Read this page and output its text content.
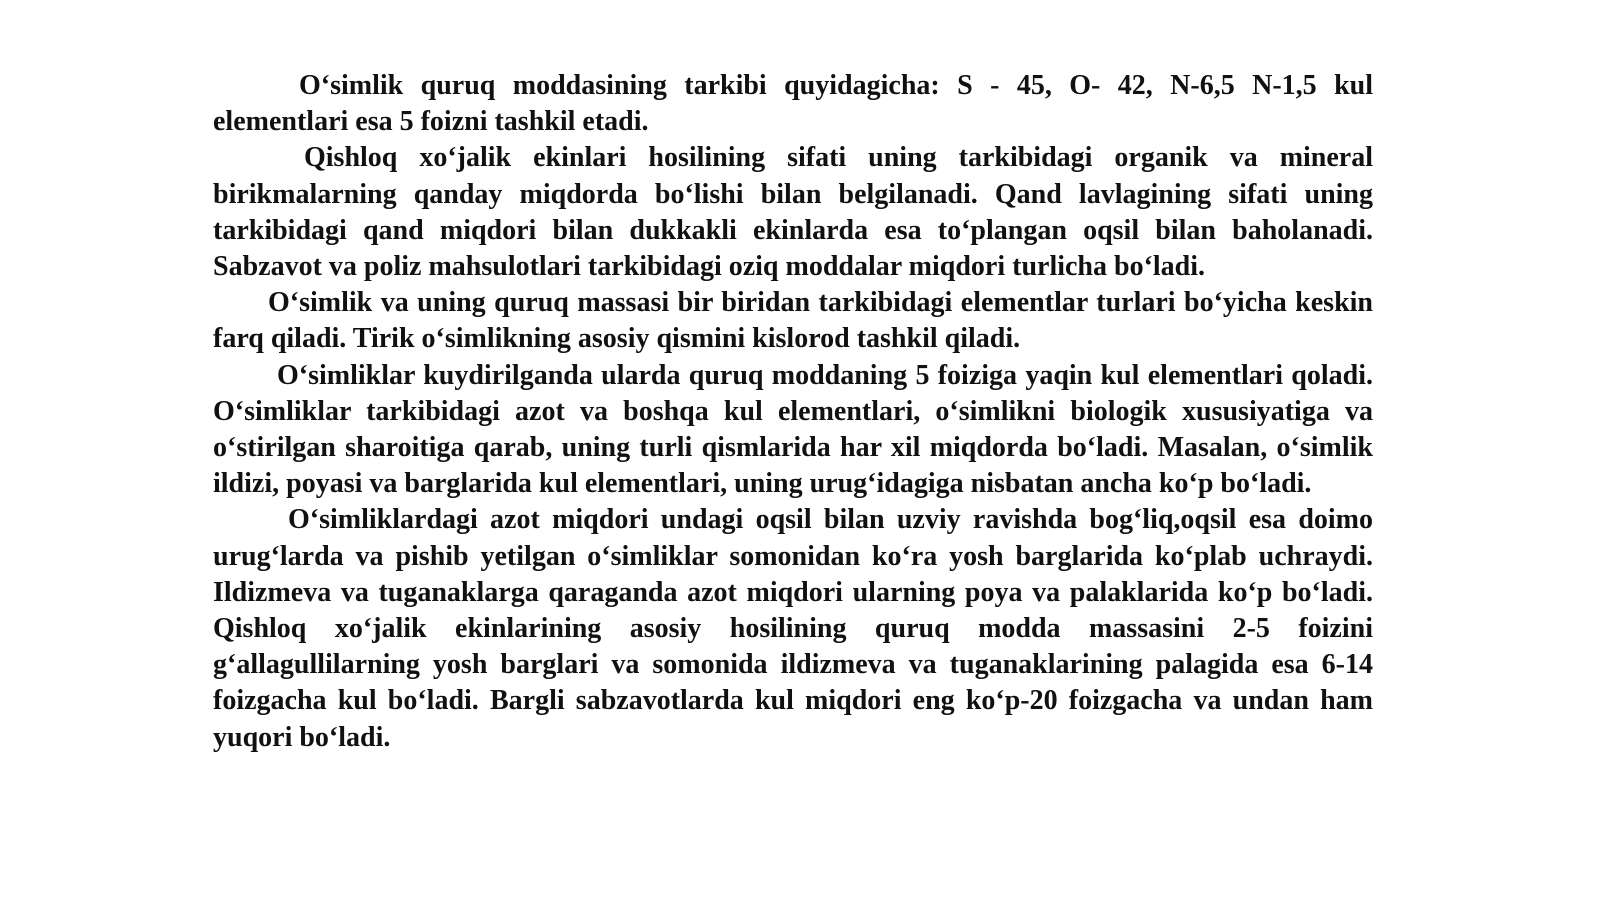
O‘simlik quruq moddasining tarkibi quyidagicha: S - 45, O- 42, N-6,5 N-1,5 kul elementlari esa 5 foizni tashkil etadi.

Qishloq xo‘jalik ekinlari hosilining sifati uning tarkibidagi organik va mineral birikmalarning qanday miqdorda bo‘lishi bilan belgilanadi. Qand lavlagining sifati uning tarkibidagi qand miqdori bilan dukkakli ekinlarda esa to‘plangan oqsil bilan baholanadi. Sabzavot va poliz mahsulotlari tarkibidagi oziq moddalar miqdori turlicha bo‘ladi.

O‘simlik va uning quruq massasi bir biridan tarkibidagi elementlar turlari bo‘yicha keskin farq qiladi. Tirik o‘simlikning asosiy qismini kislorod tashkil qiladi.

O‘simliklar kuydirilganda ularda quruq moddaning 5 foiziga yaqin kul elementlari qoladi. O‘simliklar tarkibidagi azot va boshqa kul elementlari, o‘simlikni biologik xususiyatiga va o‘stirilgan sharoitiga qarab, uning turli qismlarida har xil miqdorda bo‘ladi. Masalan, o‘simlik ildizi, poyasi va barglarida kul elementlari, uning urug‘idagiga nisbatan ancha ko‘p bo‘ladi.

O‘simliklardagi azot miqdori undagi oqsil bilan uzviy ravishda bog‘liq,oqsil esa doimo urug‘larda va pishib yetilgan o‘simliklar somonidan ko‘ra yosh barglarida ko‘plab uchraydi. Ildizmeva va tuganaklarga qaraganda azot miqdori ularning poya va palaklarida ko‘p bo‘ladi. Qishloq xo‘jalik ekinlarining asosiy hosilining quruq modda massasini 2-5 foizini g‘allagullilarning yosh barglari va somonida ildizmeva va tuganaklarining palagida esa 6-14 foizgacha kul bo‘ladi. Bargli sabzavotlarda kul miqdori eng ko‘p-20 foizgacha va undan ham yuqori bo‘ladi.
